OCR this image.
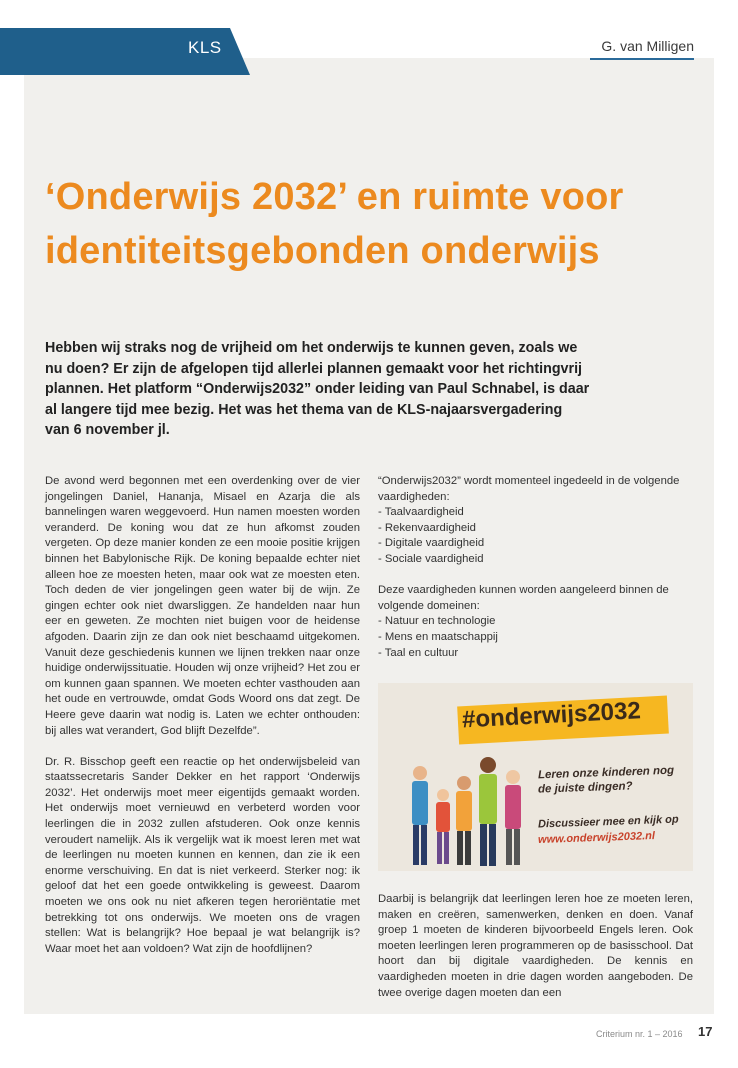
KLS	G. van Milligen
‘Onderwijs 2032’ en ruimte voor
identiteitsgebonden onderwijs

Hebben wij straks nog de vrijheid om het onderwijs te kunnen geven, zoals we
nu doen? Er zijn de afgelopen tijd allerlei plannen gemaakt voor het richtingvrij
plannen. Het platform “Onderwijs2032” onder leiding van Paul Schnabel, is daar
al langere tijd mee bezig. Het was het thema van de KLS-najaarsvergadering
van 6 november jl.

De avond werd begonnen met een overdenking over de vier jongelingen Daniel, Hananja, Misael en Azarja die als bannelingen waren weggevoerd. Hun namen moesten worden veranderd. De koning wou dat ze hun afkomst zouden vergeten. Op deze manier konden ze een mooie positie krijgen binnen het Babylonische Rijk. De koning bepaalde echter niet alleen hoe ze moesten heten, maar ook wat ze moesten eten. Toch deden de vier jongelingen geen water bij de wijn. Ze gingen echter ook niet dwarsliggen. Ze handelden naar hun eer en geweten. Ze mochten niet buigen voor de heidense afgoden. Daarin zijn ze dan ook niet beschaamd uitgekomen. Vanuit deze geschiedenis kunnen we lijnen trekken naar onze huidige onderwijssituatie. Houden wij onze vrijheid? Het zou er om kunnen gaan spannen. We moeten echter vasthouden aan het oude en vertrouwde, omdat Gods Woord ons dat zegt. De Heere geve daarin wat nodig is. Laten we echter onthouden: bij alles wat verandert, God blijft Dezelfde”.

Dr. R. Bisschop geeft een reactie op het onderwijsbeleid van staatssecretaris Sander Dekker en het rapport ‘Onderwijs 2032’. Het onderwijs moet meer eigentijds gemaakt worden. Het onderwijs moet vernieuwd en verbeterd worden voor leerlingen die in 2032 zullen afstuderen. Ook onze kennis veroudert namelijk. Als ik vergelijk wat ik moest leren met wat de leerlingen nu moeten kunnen en kennen, dan zie ik een enorme verschuiving. En dat is niet verkeerd. Sterker nog: ik geloof dat het een goede ontwikkeling is geweest. Daarom moeten we ons ook nu niet afkeren tegen heroriëntatie met betrekking tot ons onderwijs. We moeten ons de vragen stellen: Wat is belangrijk? Hoe bepaal je wat belangrijk is? Waar moet het aan voldoen? Wat zijn de hoofdlijnen?

“Onderwijs2032” wordt momenteel ingedeeld in de volgende vaardigheden:

- Taalvaardigheid

- Rekenvaardigheid

- Digitale vaardigheid

- Sociale vaardigheid

Deze vaardigheden kunnen worden aangeleerd binnen de volgende domeinen:

- Natuur en technologie

- Mens en maatschappij

- Taal en cultuur

#onderwijs2032
Leren onze kinderen nog
de juiste dingen?
Discussieer mee en kijk op
www.onderwijs2032.nl

Daarbij is belangrijk dat leerlingen leren hoe ze moeten leren, maken en creëren, samenwerken, denken en doen. Vanaf groep 1 moeten de kinderen bijvoorbeeld Engels leren. Ook moeten leerlingen leren programmeren op de basisschool. Dat hoort dan bij digitale vaardigheden. De kennis en vaardigheden moeten in drie dagen worden aangeboden. De twee overige dagen moeten dan een

Criterium nr. 1 – 2016 17
